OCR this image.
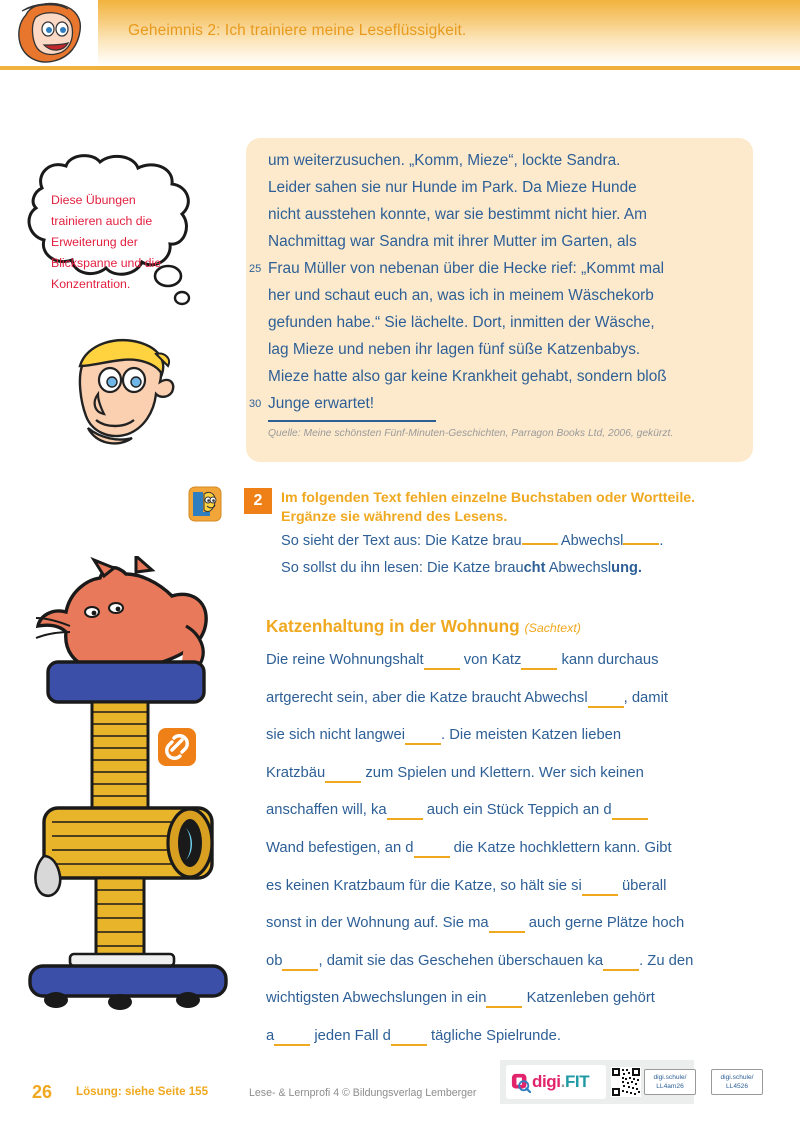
Geheimnis 2: Ich trainiere meine Leseflüssigkeit.
Diese Übungen trainieren auch die Erweiterung der Blickspanne und die Konzentration.
um weiterzusuchen. „Komm, Mieze“, lockte Sandra.
Leider sahen sie nur Hunde im Park. Da Mieze Hunde
nicht ausstehen konnte, war sie bestimmt nicht hier. Am
Nachmittag war Sandra mit ihrer Mutter im Garten, als
25 Frau Müller von nebenan über die Hecke rief: „Kommt mal
her und schaut euch an, was ich in meinem Wäschekorb
gefunden habe.“ Sie lächelte. Dort, inmitten der Wäsche,
lag Mieze und neben ihr lagen fünf süße Katzenbabys.
Mieze hatte also gar keine Krankheit gehabt, sondern bloß
30 Junge erwartet!
Quelle: Meine schönsten Fünf-Minuten-Geschichten, Parragon Books Ltd, 2006, gekürzt.
2	Im folgenden Text fehlen einzelne Buchstaben oder Wortteile. Ergänze sie während des Lesens.
So sieht der Text aus: Die Katze brau Abwechsl .
So sollst du ihn lesen: Die Katze braucht Abwechslung.
Katzenhaltung in der Wohnung (Sachtext)
Die reine Wohnungshalt  von Katz  kann durchaus
artgerecht sein, aber die Katze braucht Abwechsl , damit
sie sich nicht langwei . Die meisten Katzen lieben
Kratzbäu  zum Spielen und Klettern. Wer sich keinen
anschaffen will, ka  auch ein Stück Teppich an d
Wand befestigen, an d  die Katze hochklettern kann. Gibt
es keinen Kratzbaum für die Katze, so hält sie si  überall
sonst in der Wohnung auf. Sie ma  auch gerne Plätze hoch
ob , damit sie das Geschehen überschauen ka . Zu den
wichtigsten Abwechslungen in ein  Katzenleben gehört
a  jeden Fall d  tägliche Spielrunde.
26 Lösung: siehe Seite 155	Lese- & Lernprofi 4 © Bildungsverlag Lemberger
digi.FIT	digi.schule/
LL4am26
digi.schule/
LL4526
